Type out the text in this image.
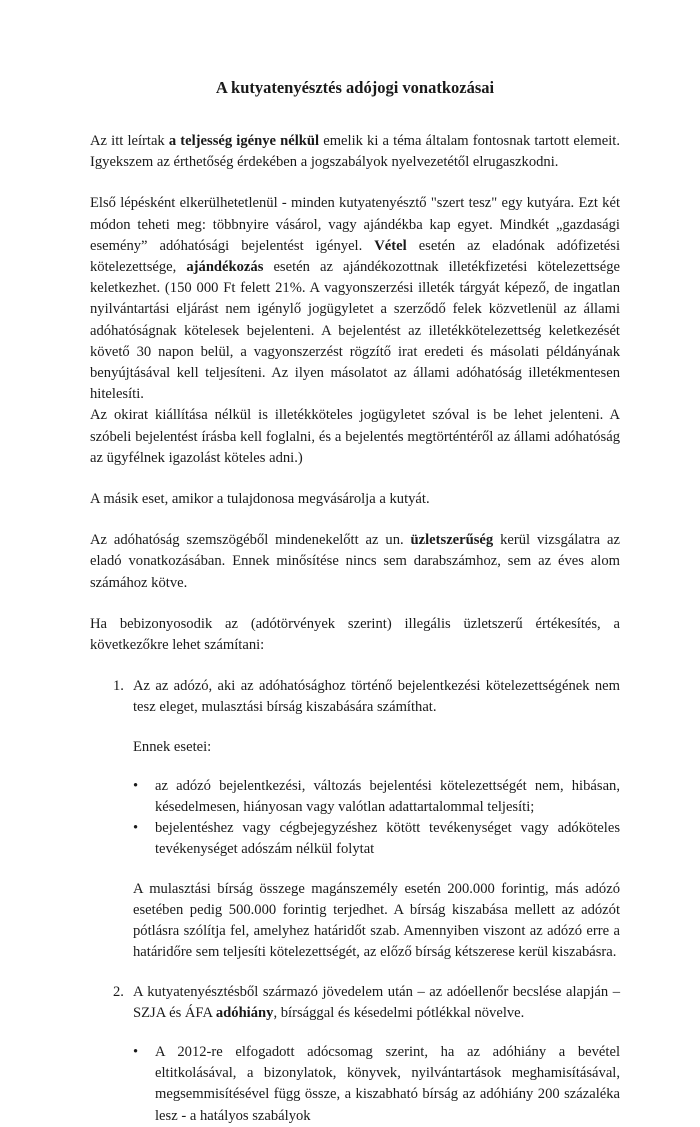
A kutyatenyésztés adójogi vonatkozásai

Az itt leírtak a teljesség igénye nélkül emelik ki a téma általam fontosnak tartott elemeit. Igyekszem az érthetőség érdekében a jogszabályok nyelvezetétől elrugaszkodni.

Első lépésként elkerülhetetlenül - minden kutyatenyésztő "szert tesz" egy kutyára. Ezt két módon teheti meg: többnyire vásárol, vagy ajándékba kap egyet. Mindkét „gazdasági esemény” adóhatósági bejelentést igényel. Vétel esetén az eladónak adófizetési kötelezettsége, ajándékozás esetén az ajándékozottnak illetékfizetési kötelezettsége keletkezhet. (150 000 Ft felett 21%. A vagyonszerzési illeték tárgyát képező, de ingatlan nyilvántartási eljárást nem igénylő jogügyletet a szerződő felek közvetlenül az állami adóhatóságnak kötelesek bejelenteni. A bejelentést az illetékkötelezettség keletkezését követő 30 napon belül, a vagyonszerzést rögzítő irat eredeti és másolati példányának benyújtásával kell teljesíteni. Az ilyen másolatot az állami adóhatóság illetékmentesen hitelesíti.

Az okirat kiállítása nélkül is illetékköteles jogügyletet szóval is be lehet jelenteni. A szóbeli bejelentést írásba kell foglalni, és a bejelentés megtörténtéről az állami adóhatóság az ügyfélnek igazolást köteles adni.)

A másik eset, amikor a tulajdonosa megvásárolja a kutyát.

Az adóhatóság szemszögéből mindenekelőtt az un. üzletszerűség kerül vizsgálatra az eladó vonatkozásában. Ennek minősítése nincs sem darabszámhoz, sem az éves alom számához kötve.

Ha bebizonyosodik az (adótörvények szerint) illegális üzletszerű értékesítés, a következőkre lehet számítani:

1. Az az adózó, aki az adóhatósághoz történő bejelentkezési kötelezettségének nem tesz eleget, mulasztási bírság kiszabására számíthat.

Ennek esetei:

• az adózó bejelentkezési, változás bejelentési kötelezettségét nem, hibásan, késedelmesen, hiányosan vagy valótlan adattartalommal teljesíti;
• bejelentéshez vagy cégbejegyzéshez kötött tevékenységet vagy adóköteles tevékenységet adószám nélkül folytat

A mulasztási bírság összege magánszemély esetén 200.000 forintig, más adózó esetében pedig 500.000 forintig terjedhet. A bírság kiszabása mellett az adózót pótlásra szólítja fel, amelyhez határidőt szab. Amennyiben viszont az adózó erre a határidőre sem teljesíti kötelezettségét, az előző bírság kétszerese kerül kiszabásra.

2. A kutyatenyésztésből származó jövedelem után – az adóellenőr becslése alapján – SZJA és ÁFA adóhiány, bírsággal és késedelmi pótlékkal növelve.

• A 2012-re elfogadott adócsomag szerint, ha az adóhiány a bevétel eltitkolásával, a bizonylatok, könyvek, nyilvántartások meghamisításával, megsemmisítésével függ össze, a kiszabható bírság az adóhiány 200 százaléka lesz - a hatályos szabályok
